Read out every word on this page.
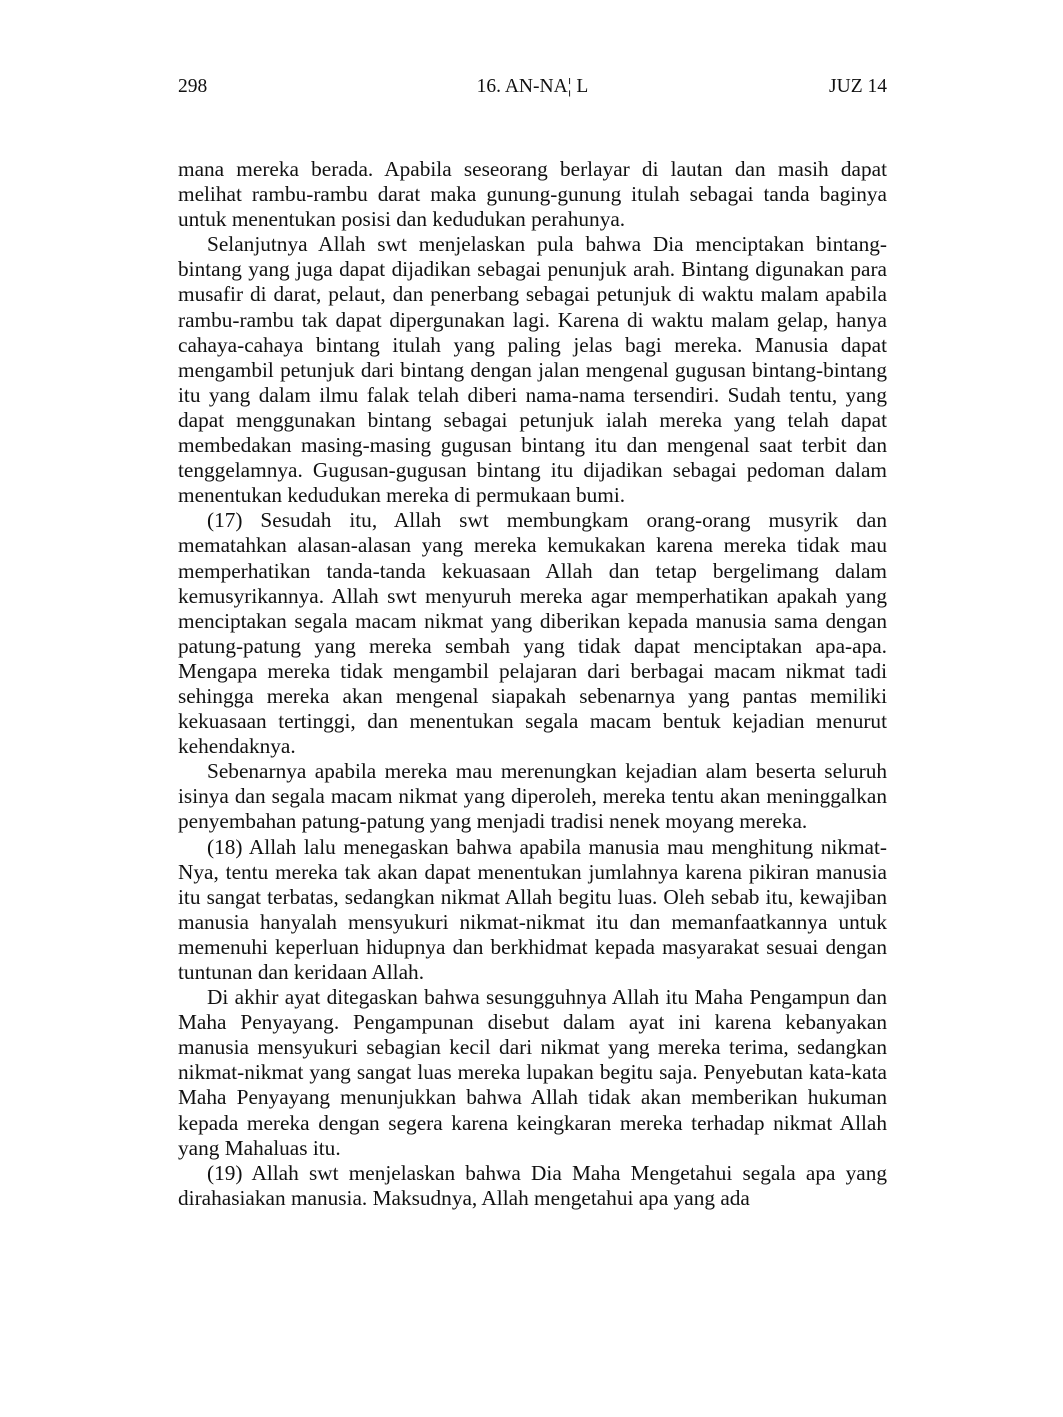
298	16. AN-NA¦ L	JUZ 14

mana mereka berada. Apabila seseorang berlayar di lautan dan masih dapat melihat rambu-rambu darat maka gunung-gunung itulah sebagai tanda baginya untuk menentukan posisi dan kedudukan perahunya.

Selanjutnya Allah swt menjelaskan pula bahwa Dia menciptakan bintang-bintang yang juga dapat dijadikan sebagai penunjuk arah. Bintang digunakan para musafir di darat, pelaut, dan penerbang sebagai petunjuk di waktu malam apabila rambu-rambu tak dapat dipergunakan lagi. Karena di waktu malam gelap, hanya cahaya-cahaya bintang itulah yang paling jelas bagi mereka. Manusia dapat mengambil petunjuk dari bintang dengan jalan mengenal gugusan bintang-bintang itu yang dalam ilmu falak telah diberi nama-nama tersendiri. Sudah tentu, yang dapat menggunakan bintang sebagai petunjuk ialah mereka yang telah dapat membedakan masing-masing gugusan bintang itu dan mengenal saat terbit dan tenggelamnya. Gugusan-gugusan bintang itu dijadikan sebagai pedoman dalam menentukan kedudukan mereka di permukaan bumi.

(17) Sesudah itu, Allah swt membungkam orang-orang musyrik dan mematahkan alasan-alasan yang mereka kemukakan karena mereka tidak mau memperhatikan tanda-tanda kekuasaan Allah dan tetap bergelimang dalam kemusyrikannya. Allah swt menyuruh mereka agar memperhatikan apakah yang menciptakan segala macam nikmat yang diberikan kepada manusia sama dengan patung-patung yang mereka sembah yang tidak dapat menciptakan apa-apa. Mengapa mereka tidak mengambil pelajaran dari berbagai macam nikmat tadi sehingga mereka akan mengenal siapakah sebenarnya yang pantas memiliki kekuasaan tertinggi, dan menentukan segala macam bentuk kejadian menurut kehendaknya.

Sebenarnya apabila mereka mau merenungkan kejadian alam beserta seluruh isinya dan segala macam nikmat yang diperoleh, mereka tentu akan meninggalkan penyembahan patung-patung yang menjadi tradisi nenek moyang mereka.

(18) Allah lalu menegaskan bahwa apabila manusia mau menghitung nikmat-Nya, tentu mereka tak akan dapat menentukan jumlahnya karena pikiran manusia itu sangat terbatas, sedangkan nikmat Allah begitu luas. Oleh sebab itu, kewajiban manusia hanyalah mensyukuri nikmat-nikmat itu dan memanfaatkannya untuk memenuhi keperluan hidupnya dan berkhidmat kepada masyarakat sesuai dengan tuntunan dan keridaan Allah.

Di akhir ayat ditegaskan bahwa sesungguhnya Allah itu Maha Pengampun dan Maha Penyayang. Pengampunan disebut dalam ayat ini karena kebanyakan manusia mensyukuri sebagian kecil dari nikmat yang mereka terima, sedangkan nikmat-nikmat yang sangat luas mereka lupakan begitu saja. Penyebutan kata-kata Maha Penyayang menunjukkan bahwa Allah tidak akan memberikan hukuman kepada mereka dengan segera karena keingkaran mereka terhadap nikmat Allah yang Mahaluas itu.

(19) Allah swt menjelaskan bahwa Dia Maha Mengetahui segala apa yang dirahasiakan manusia. Maksudnya, Allah mengetahui apa yang ada
